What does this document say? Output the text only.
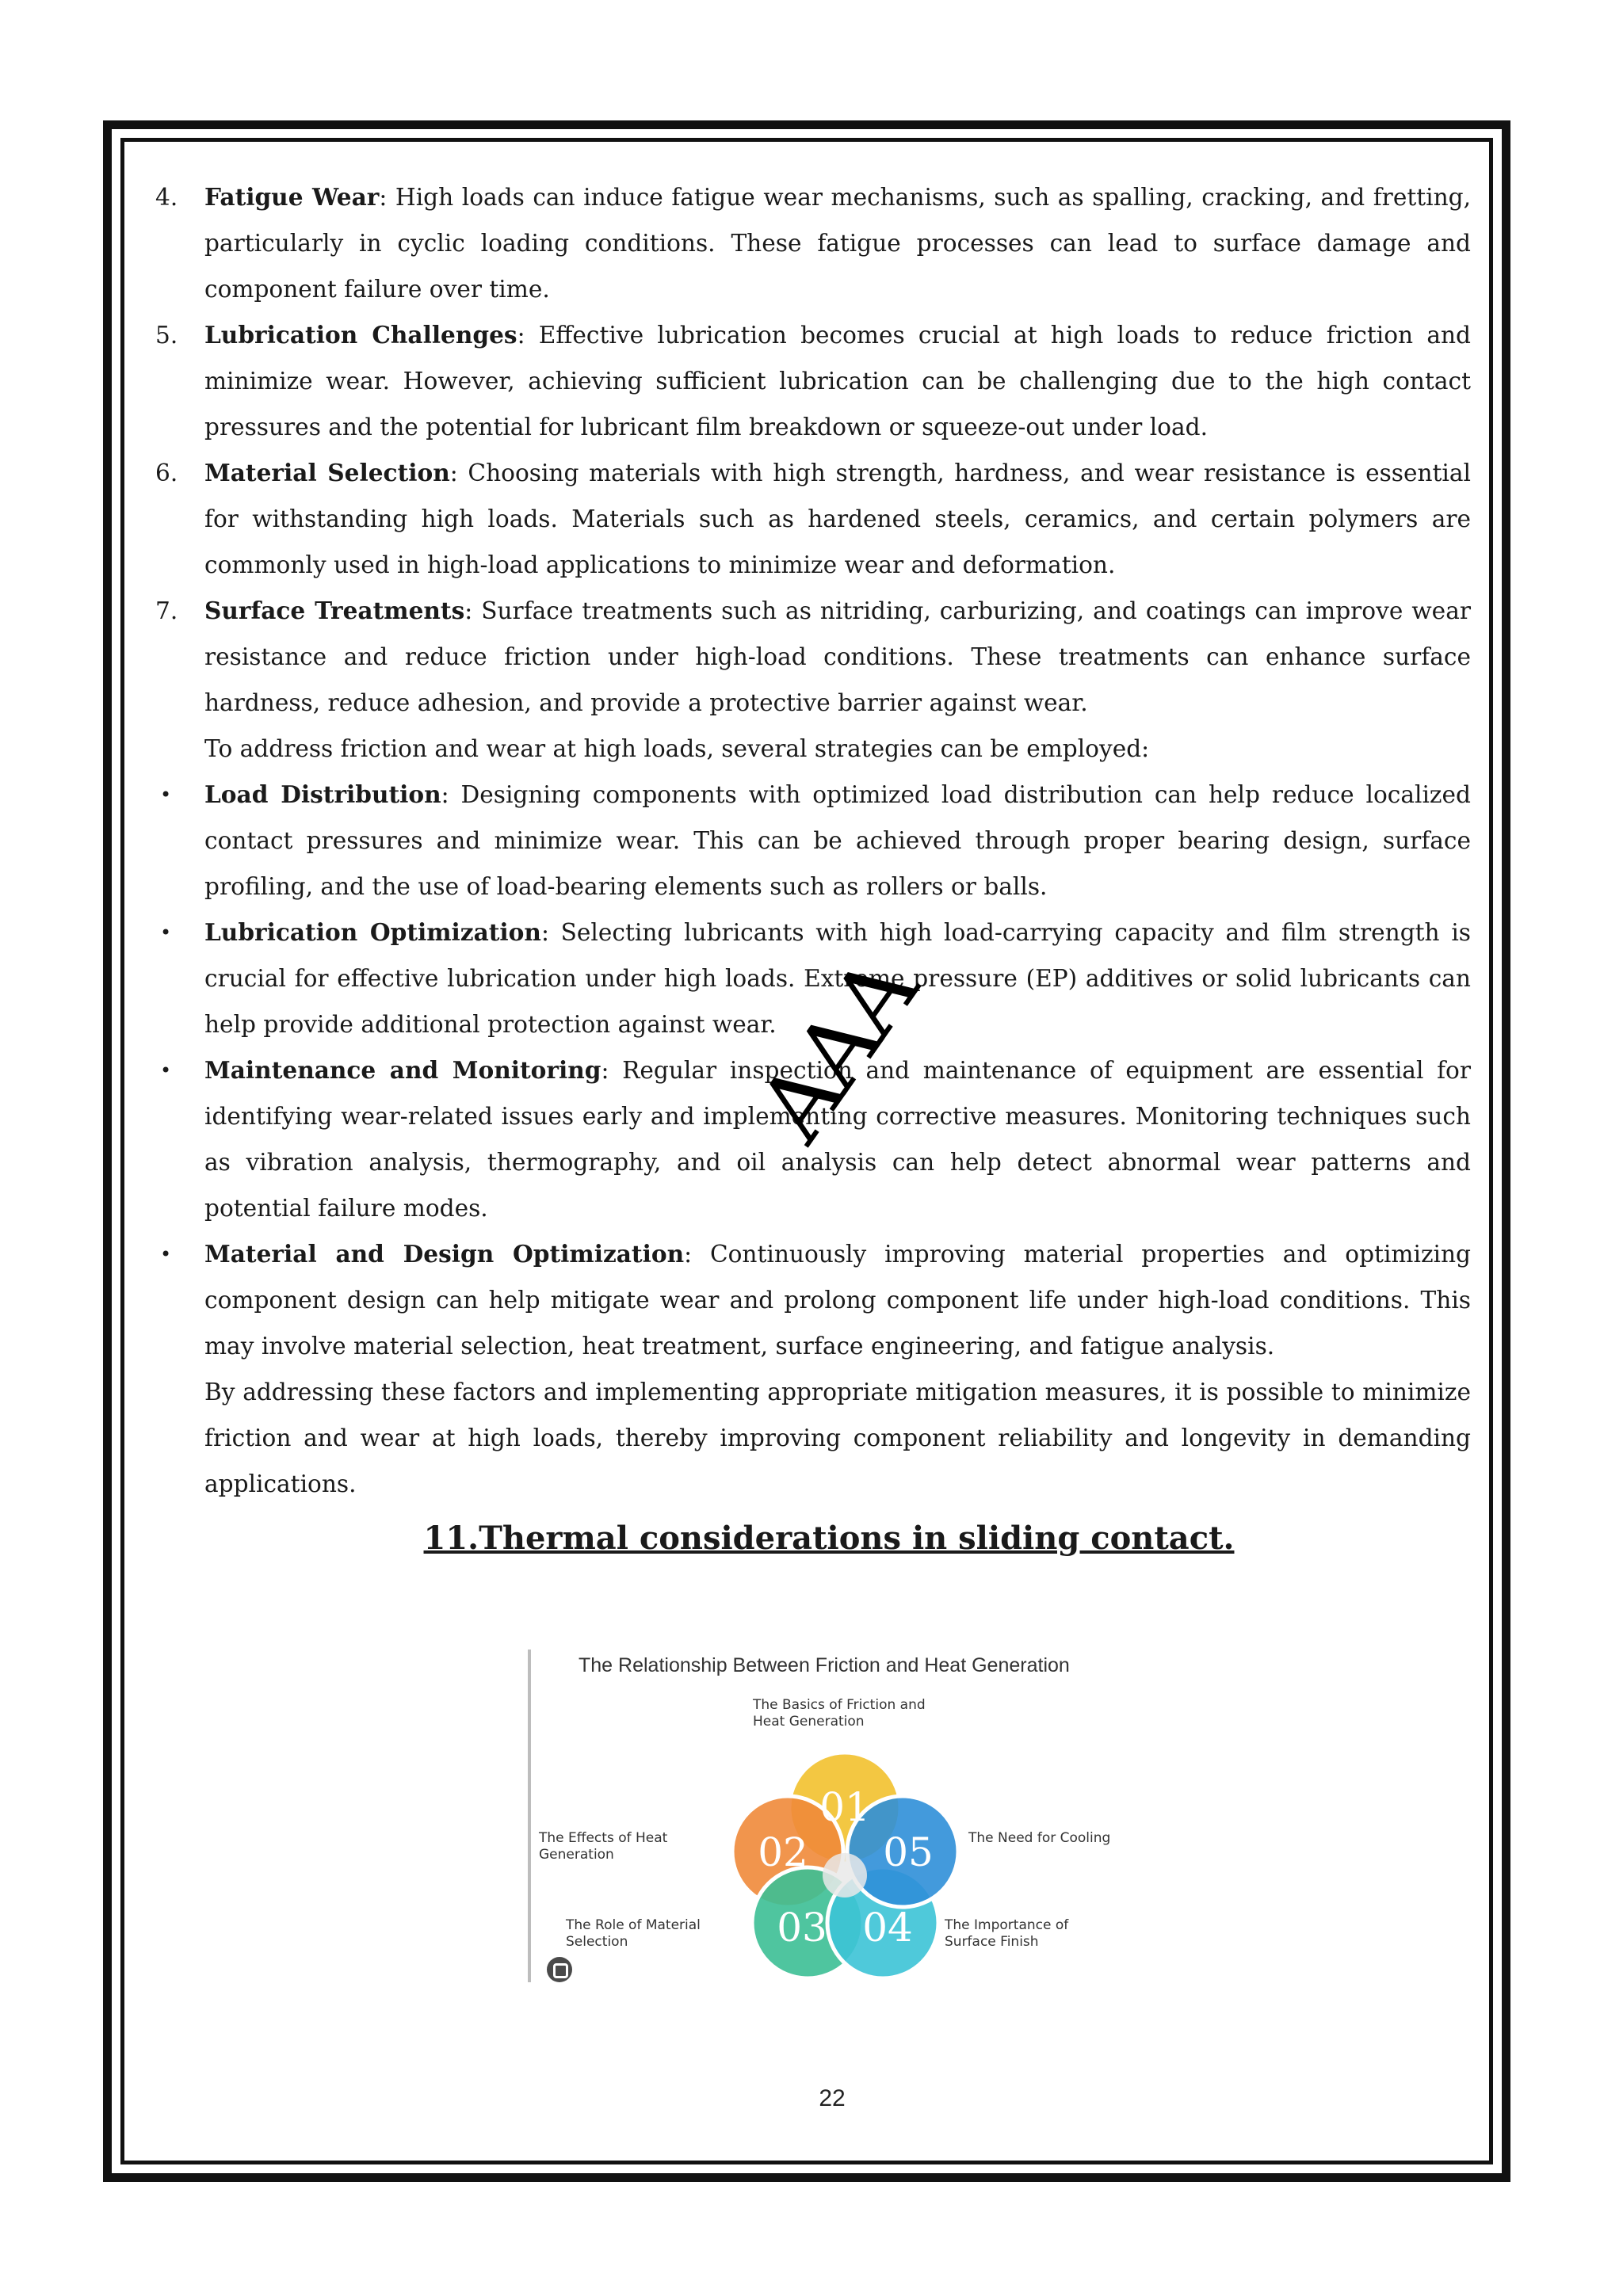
4.	Fatigue Wear: High loads can induce fatigue wear mechanisms, such as spalling, cracking, and fretting, particularly in cyclic loading conditions. These fatigue processes can lead to surface damage and component failure over time.
5.	Lubrication Challenges: Effective lubrication becomes crucial at high loads to reduce friction and minimize wear. However, achieving sufficient lubrication can be challenging due to the high contact pressures and the potential for lubricant film breakdown or squeeze-out under load.
6.	Material Selection: Choosing materials with high strength, hardness, and wear resistance is essential for withstanding high loads. Materials such as hardened steels, ceramics, and certain polymers are commonly used in high-load applications to minimize wear and deformation.
7.	Surface Treatments: Surface treatments such as nitriding, carburizing, and coatings can improve wear resistance and reduce friction under high-load conditions. These treatments can enhance surface hardness, reduce adhesion, and provide a protective barrier against wear.
To address friction and wear at high loads, several strategies can be employed:
•	Load Distribution: Designing components with optimized load distribution can help reduce localized contact pressures and minimize wear. This can be achieved through proper bearing design, surface profiling, and the use of load-bearing elements such as rollers or balls.
•	Lubrication Optimization: Selecting lubricants with high load-carrying capacity and film strength is crucial for effective lubrication under high loads. Extreme pressure (EP) additives or solid lubricants can help provide additional protection against wear.
•	Maintenance and Monitoring: Regular inspection and maintenance of equipment are essential for identifying wear-related issues early and implementing corrective measures. Monitoring techniques such as vibration analysis, thermography, and oil analysis can help detect abnormal wear patterns and potential failure modes.
•	Material and Design Optimization: Continuously improving material properties and optimizing component design can help mitigate wear and prolong component life under high-load conditions. This may involve material selection, heat treatment, surface engineering, and fatigue analysis.
By addressing these factors and implementing appropriate mitigation measures, it is possible to minimize friction and wear at high loads, thereby improving component reliability and longevity in demanding applications.
11.Thermal considerations in sliding contact.
The Relationship Between Friction and Heat Generation
The Basics of Friction and Heat Generation
The Effects of Heat Generation
The Need for Cooling
The Role of Material Selection
The Importance of Surface Finish
01
02
03 04
05
AAA
22
